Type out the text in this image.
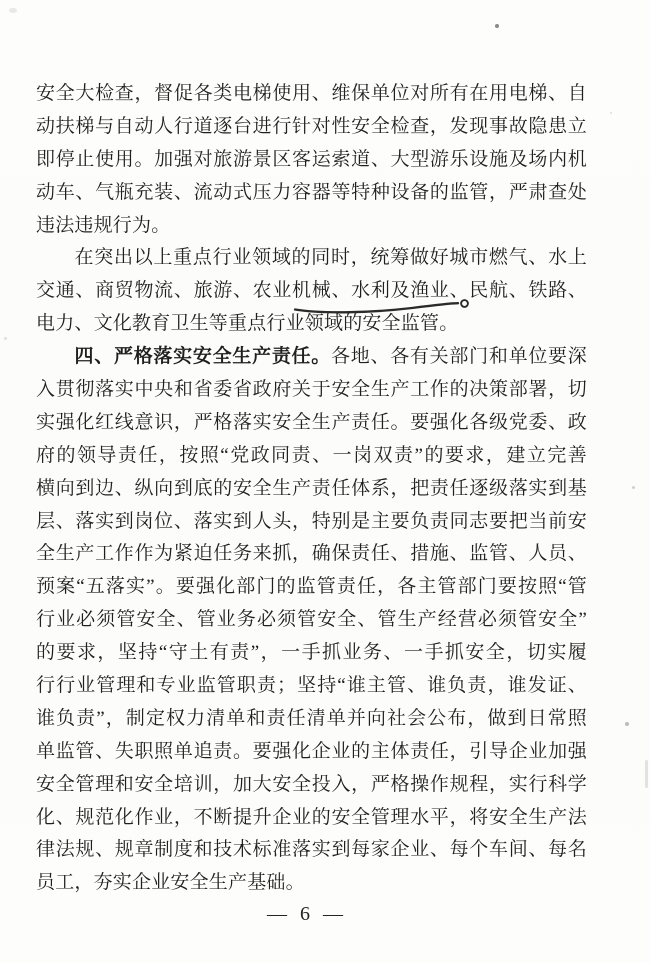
安全大检查，督促各类电梯使用、维保单位对所有在用电梯、自
动扶梯与自动人行道逐台进行针对性安全检查，发现事故隐患立
即停止使用。加强对旅游景区客运索道、大型游乐设施及场内机
动车、气瓶充装、流动式压力容器等特种设备的监管，严肃查处
违法违规行为。
在突出以上重点行业领域的同时，统筹做好城市燃气、水上
交通、商贸物流、旅游、农业机械、水利及渔业、民航、铁路、
电力、文化教育卫生等重点行业领域的安全监管。
四、严格落实安全生产责任。各地、各有关部门和单位要深
入贯彻落实中央和省委省政府关于安全生产工作的决策部署，切
实强化红线意识，严格落实安全生产责任。要强化各级党委、政
府的领导责任，按照“党政同责、一岗双责”的要求，建立完善
横向到边、纵向到底的安全生产责任体系，把责任逐级落实到基
层、落实到岗位、落实到人头，特别是主要负责同志要把当前安
全生产工作作为紧迫任务来抓，确保责任、措施、监管、人员、
预案“五落实”。要强化部门的监管责任，各主管部门要按照“管
行业必须管安全、管业务必须管安全、管生产经营必须管安全”
的要求，坚持“守土有责”，一手抓业务、一手抓安全，切实履
行行业管理和专业监管职责；坚持“谁主管、谁负责，谁发证、
谁负责”，制定权力清单和责任清单并向社会公布，做到日常照
单监管、失职照单追责。要强化企业的主体责任，引导企业加强
安全管理和安全培训，加大安全投入，严格操作规程，实行科学
化、规范化作业，不断提升企业的安全管理水平，将安全生产法
律法规、规章制度和技术标准落实到每家企业、每个车间、每名
员工，夯实企业安全生产基础。
— 6 —
